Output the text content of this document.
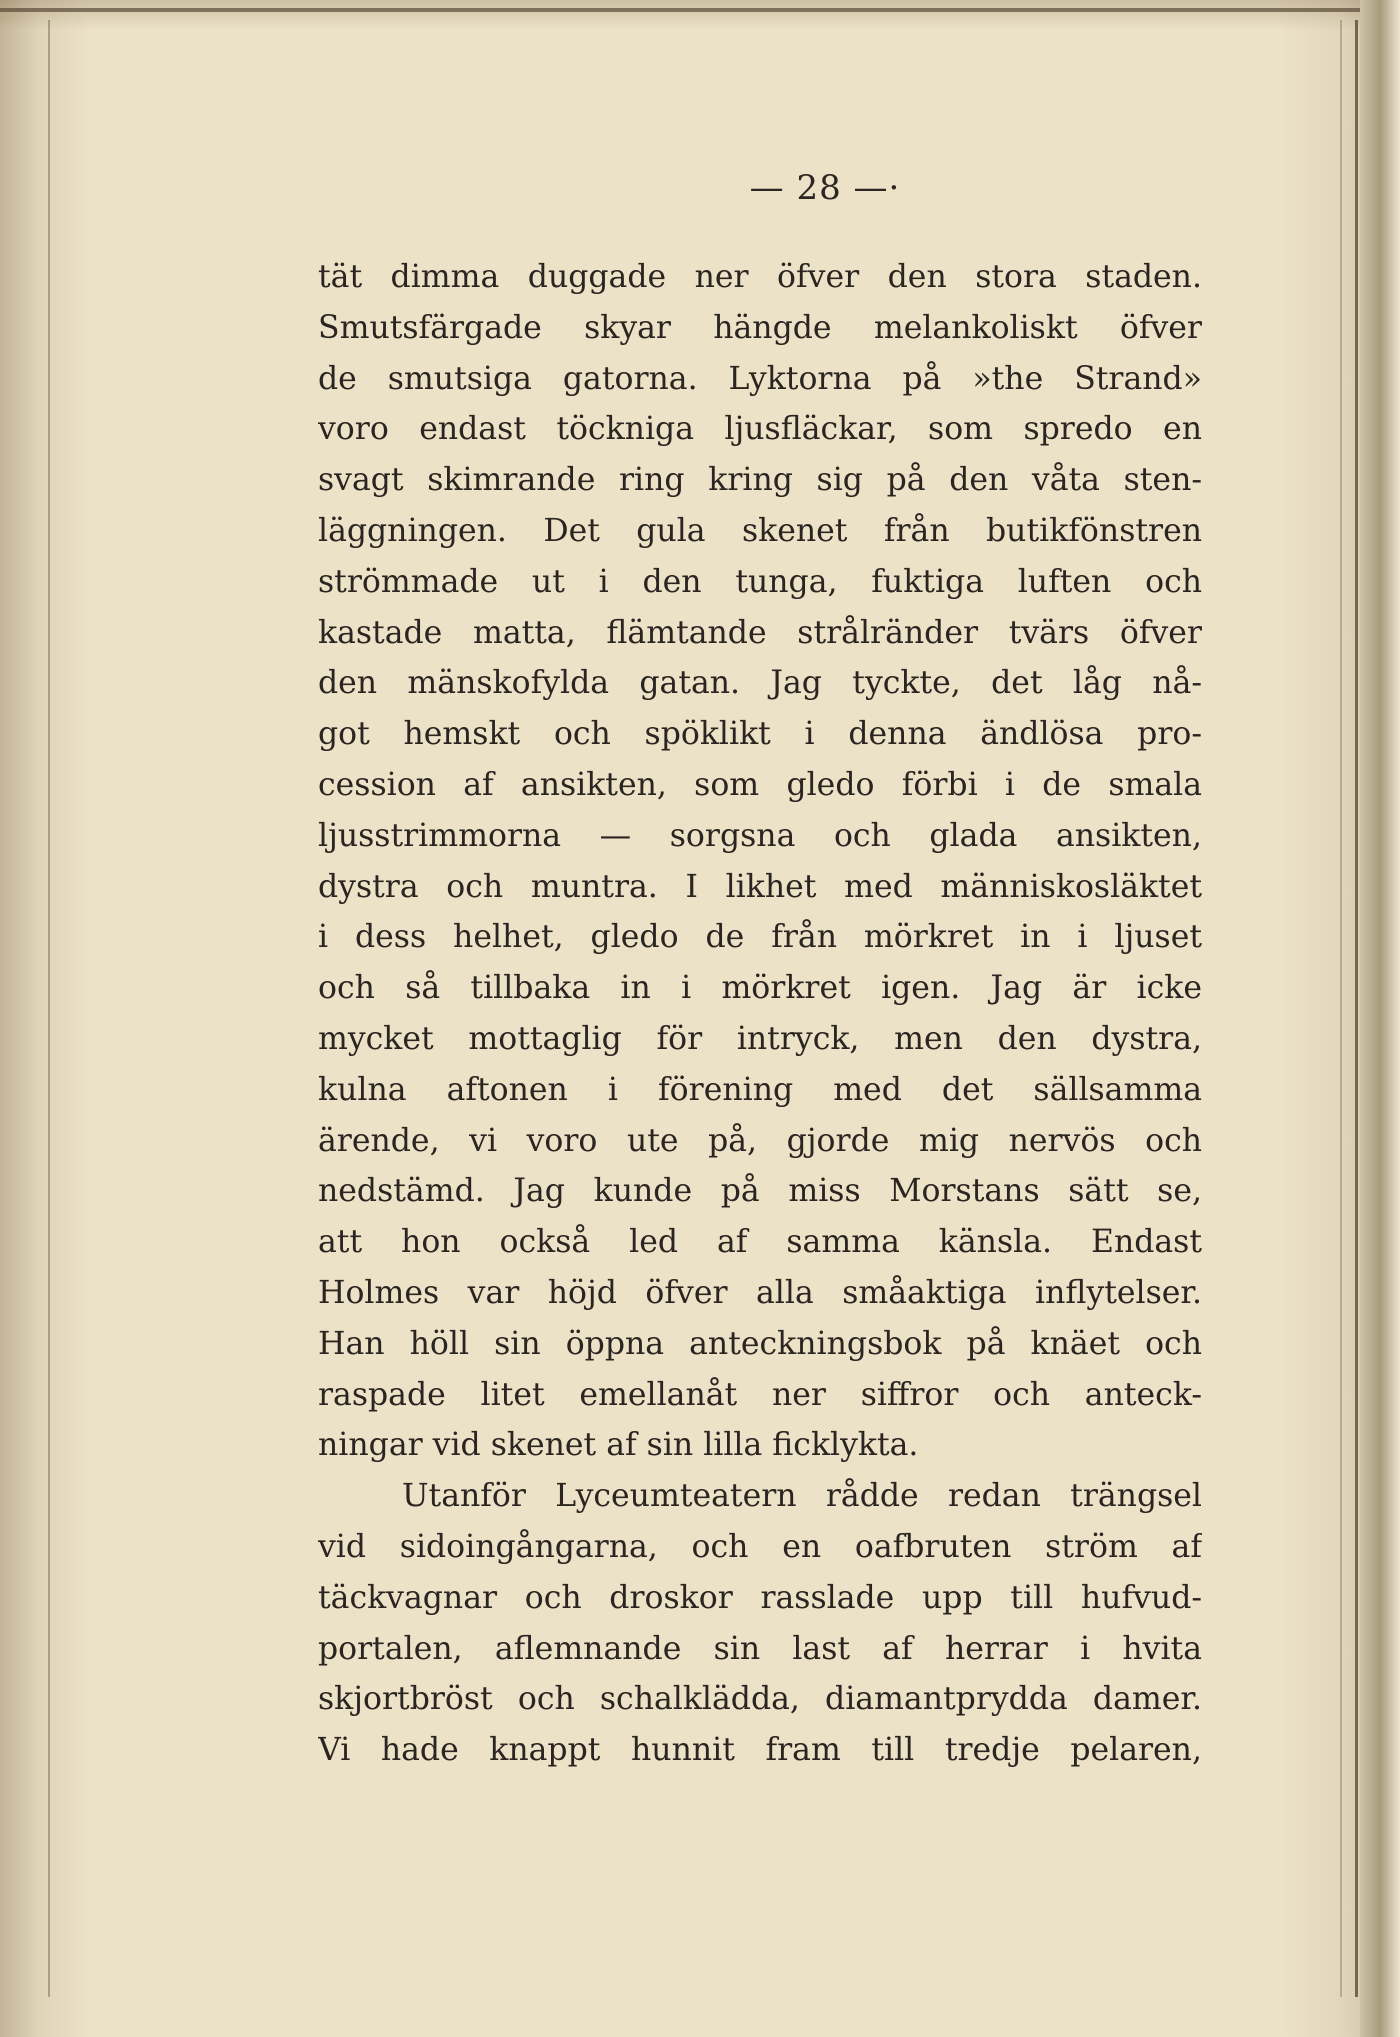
— 28 —·
tät dimma duggade ner öfver den stora staden.
Smutsfärgade skyar hängde melankoliskt öfver
de smutsiga gatorna. Lyktorna på »the Strand»
voro endast töckniga ljusfläckar, som spredo en
svagt skimrande ring kring sig på den våta sten-
läggningen. Det gula skenet från butikfönstren
strömmade ut i den tunga, fuktiga luften och
kastade matta, flämtande strålränder tvärs öfver
den mänskofylda gatan. Jag tyckte, det låg nå-
got hemskt och spöklikt i denna ändlösa pro-
cession af ansikten, som gledo förbi i de smala
ljusstrimmorna — sorgsna och glada ansikten,
dystra och muntra. I likhet med människosläktet
i dess helhet, gledo de från mörkret in i ljuset
och så tillbaka in i mörkret igen. Jag är icke
mycket mottaglig för intryck, men den dystra,
kulna aftonen i förening med det sällsamma
ärende, vi voro ute på, gjorde mig nervös och
nedstämd. Jag kunde på miss Morstans sätt se,
att hon också led af samma känsla. Endast
Holmes var höjd öfver alla småaktiga inflytelser.
Han höll sin öppna anteckningsbok på knäet och
raspade litet emellanåt ner siffror och anteck-
ningar vid skenet af sin lilla ficklykta.
Utanför Lyceumteatern rådde redan trängsel
vid sidoingångarna, och en oafbruten ström af
täckvagnar och droskor rasslade upp till hufvud-
portalen, aflemnande sin last af herrar i hvita
skjortbröst och schalklädda, diamantprydda damer.
Vi hade knappt hunnit fram till tredje pelaren,
